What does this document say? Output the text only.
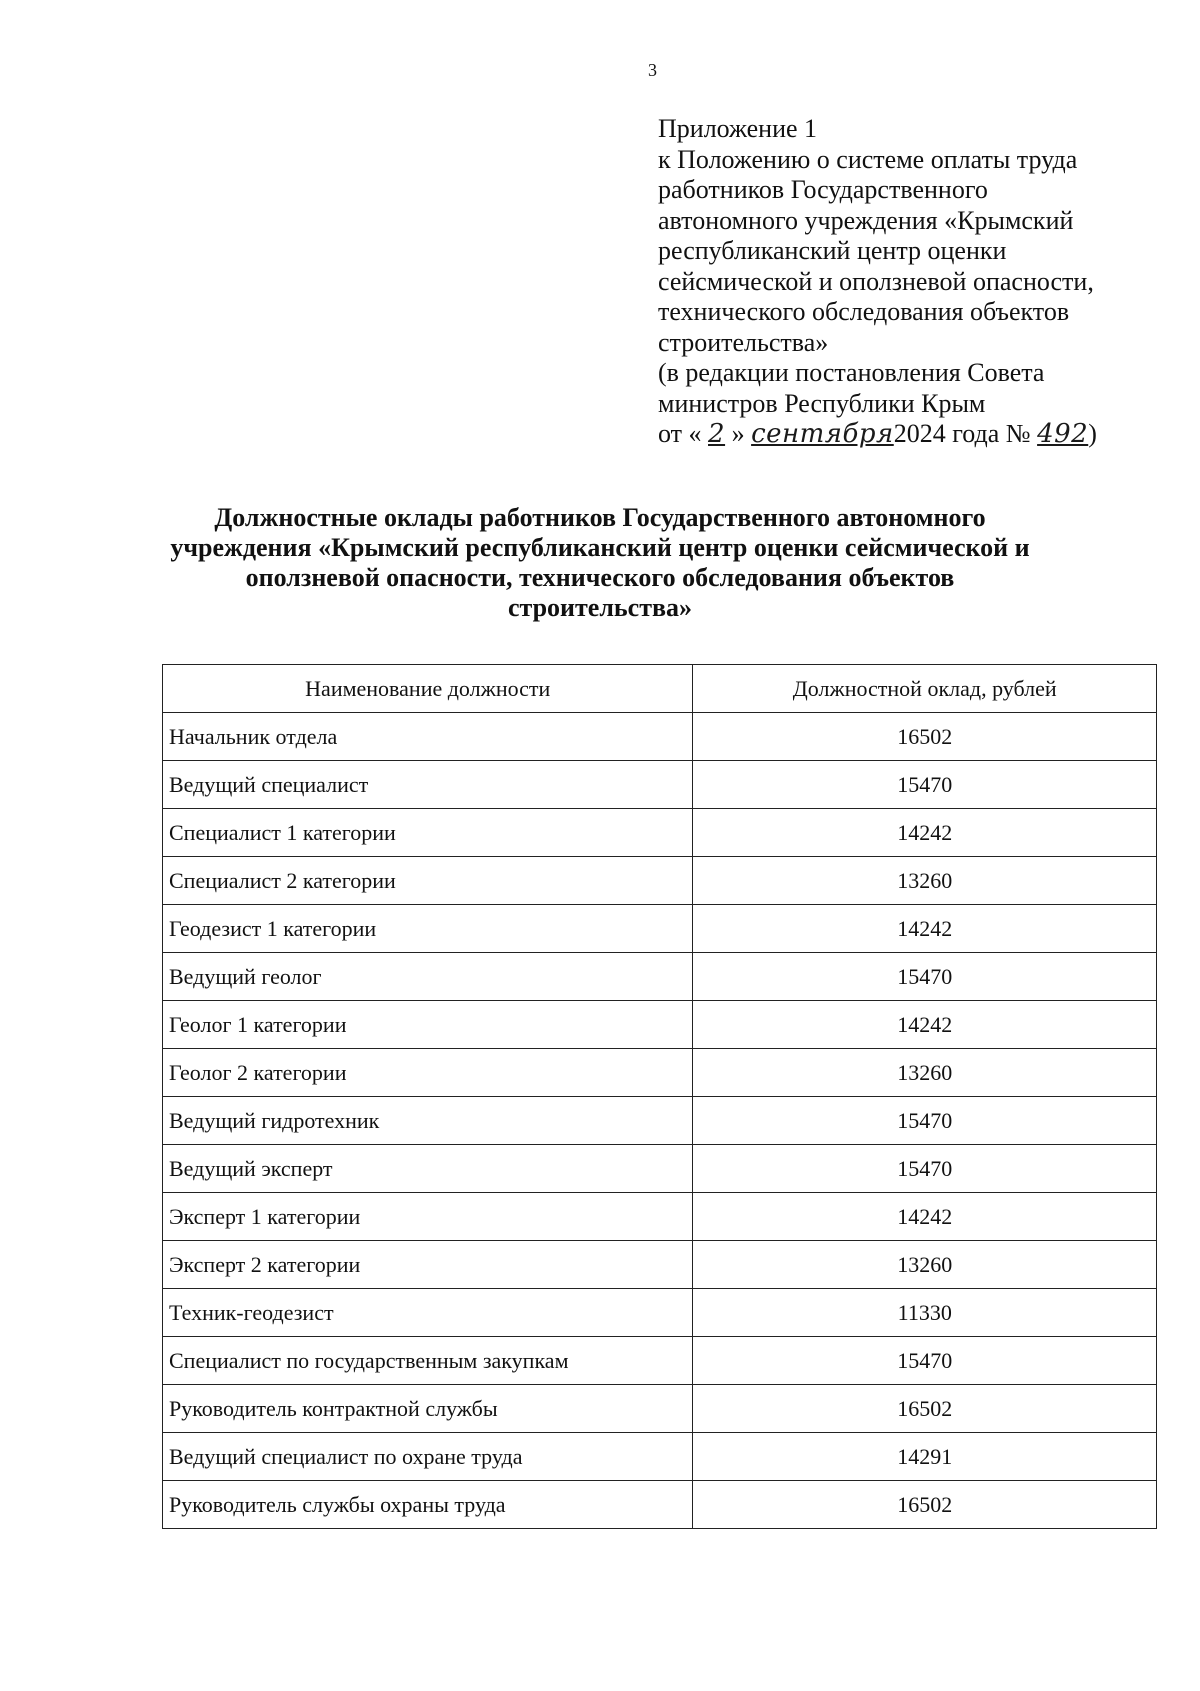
3
Приложение 1
к Положению о системе оплаты труда
работников Государственного
автономного учреждения «Крымский
республиканский центр оценки
сейсмической и оползневой опасности,
технического обследования объектов
строительства»
(в редакции постановления Совета
министров Республики Крым
от « 2 » сентября2024 года № 492)
Должностные оклады работников Государственного автономного
учреждения «Крымский республиканский центр оценки сейсмической и
оползневой опасности, технического обследования объектов
строительства»
Наименование должности	Должностной оклад, рублей
Начальник отдела	16502
Ведущий специалист	15470
Специалист 1 категории	14242
Специалист 2 категории	13260
Геодезист 1 категории	14242
Ведущий геолог	15470
Геолог 1 категории	14242
Геолог 2 категории	13260
Ведущий гидротехник	15470
Ведущий эксперт	15470
Эксперт 1 категории	14242
Эксперт 2 категории	13260
Техник-геодезист	11330
Специалист по государственным закупкам	15470
Руководитель контрактной службы	16502
Ведущий специалист по охране труда	14291
Руководитель службы охраны труда	16502
